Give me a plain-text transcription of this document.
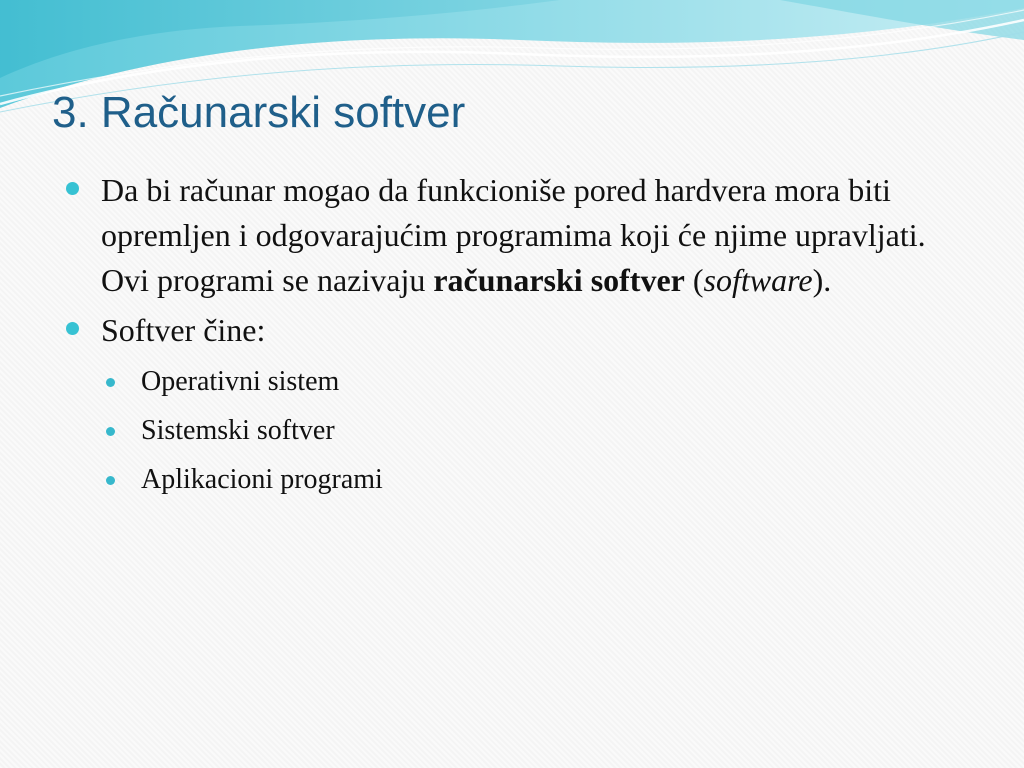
3. Računarski softver
Da bi računar mogao da funkcioniše pored hardvera mora biti opremljen i odgovarajućim programima koji će njime upravljati. Ovi programi se nazivaju računarski softver (software).
Softver čine:
Operativni sistem
Sistemski softver
Aplikacioni programi
